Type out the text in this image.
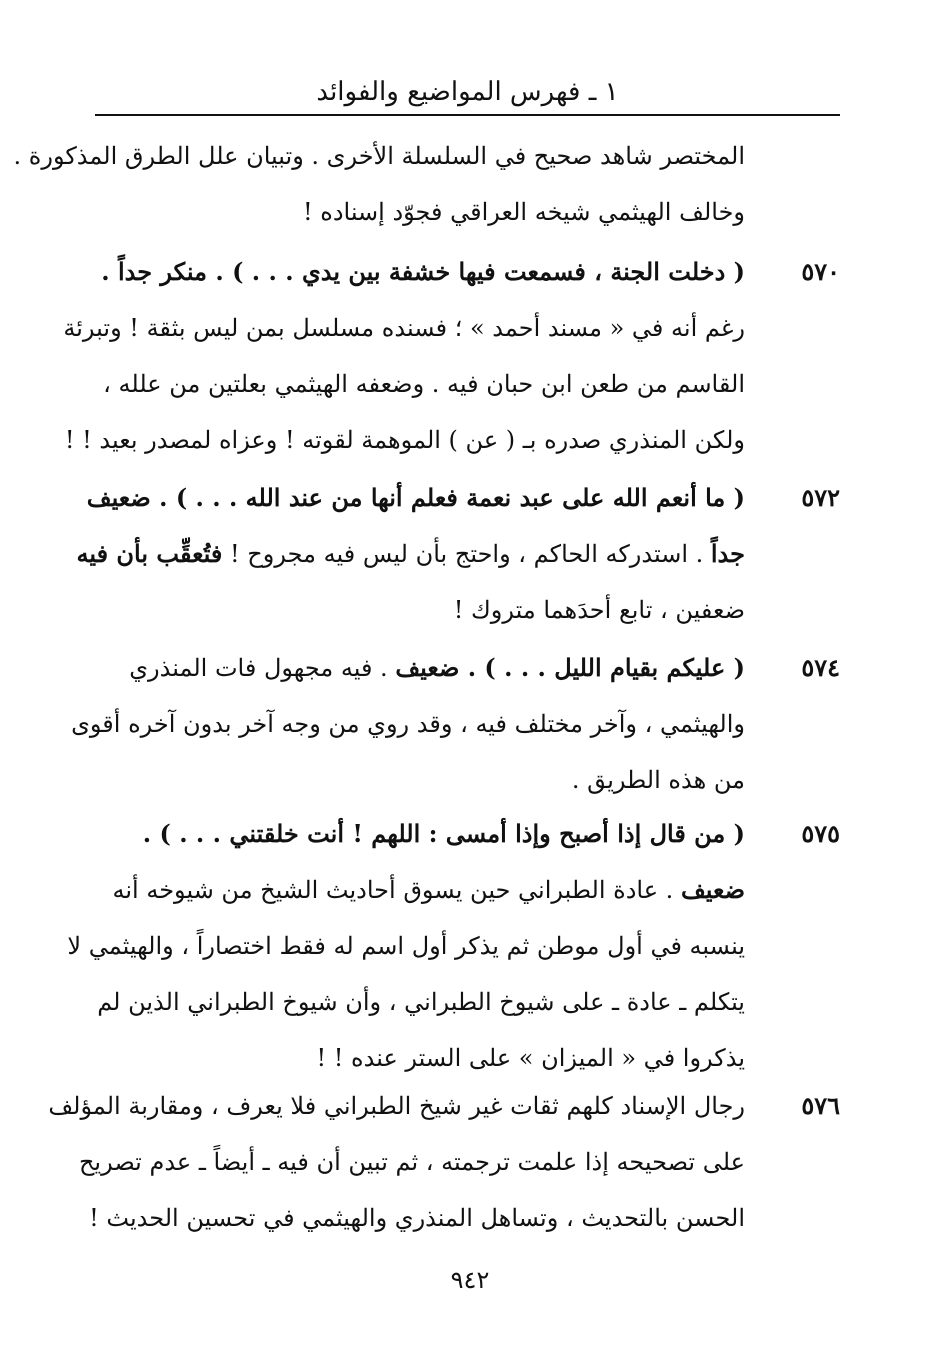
١ ـ فهرس المواضيع والفوائد
المختصر شاهد صحيح في السلسلة الأخرى . وتبيان علل الطرق المذكورة .
وخالف الهيثمي شيخه العراقي فجوّد إسناده !
٥٧٠
( دخلت الجنة ، فسمعت فيها خشفة بين يدي . . . ) . منكر جداً .
رغم أنه في « مسند أحمد » ؛ فسنده مسلسل بمن ليس بثقة ! وتبرئة
القاسم من طعن ابن حبان فيه . وضعفه الهيثمي بعلتين من علله ،
ولكن المنذري صدره بـ ( عن ) الموهمة لقوته ! وعزاه لمصدر بعيد ! !
٥٧٢
( ما أنعم الله على عبد نعمة فعلم أنها من عند الله . . . ) . ضعيف
جداً . استدركه الحاكم ، واحتج بأن ليس فيه مجروح ! فتُعقِّب بأن فيه
ضعفين ، تابع أحدَهما متروك !
٥٧٤
( عليكم بقيام الليل . . . ) . ضعيف . فيه مجهول فات المنذري
والهيثمي ، وآخر مختلف فيه ، وقد روي من وجه آخر بدون آخره أقوى
من هذه الطريق .
٥٧٥
( من قال إذا أصبح وإذا أمسى : اللهم ! أنت خلقتني . . . ) .
ضعيف . عادة الطبراني حين يسوق أحاديث الشيخ من شيوخه أنه
ينسبه في أول موطن ثم يذكر أول اسم له فقط اختصاراً ، والهيثمي لا
يتكلم ـ عادة ـ على شيوخ الطبراني ، وأن شيوخ الطبراني الذين لم
يذكروا في « الميزان » على الستر عنده ! !
٥٧٦
رجال الإسناد كلهم ثقات غير شيخ الطبراني فلا يعرف ، ومقاربة المؤلف
على تصحيحه إذا علمت ترجمته ، ثم تبين أن فيه ـ أيضاً ـ عدم تصريح
الحسن بالتحديث ، وتساهل المنذري والهيثمي في تحسين الحديث !
٩٤٢
